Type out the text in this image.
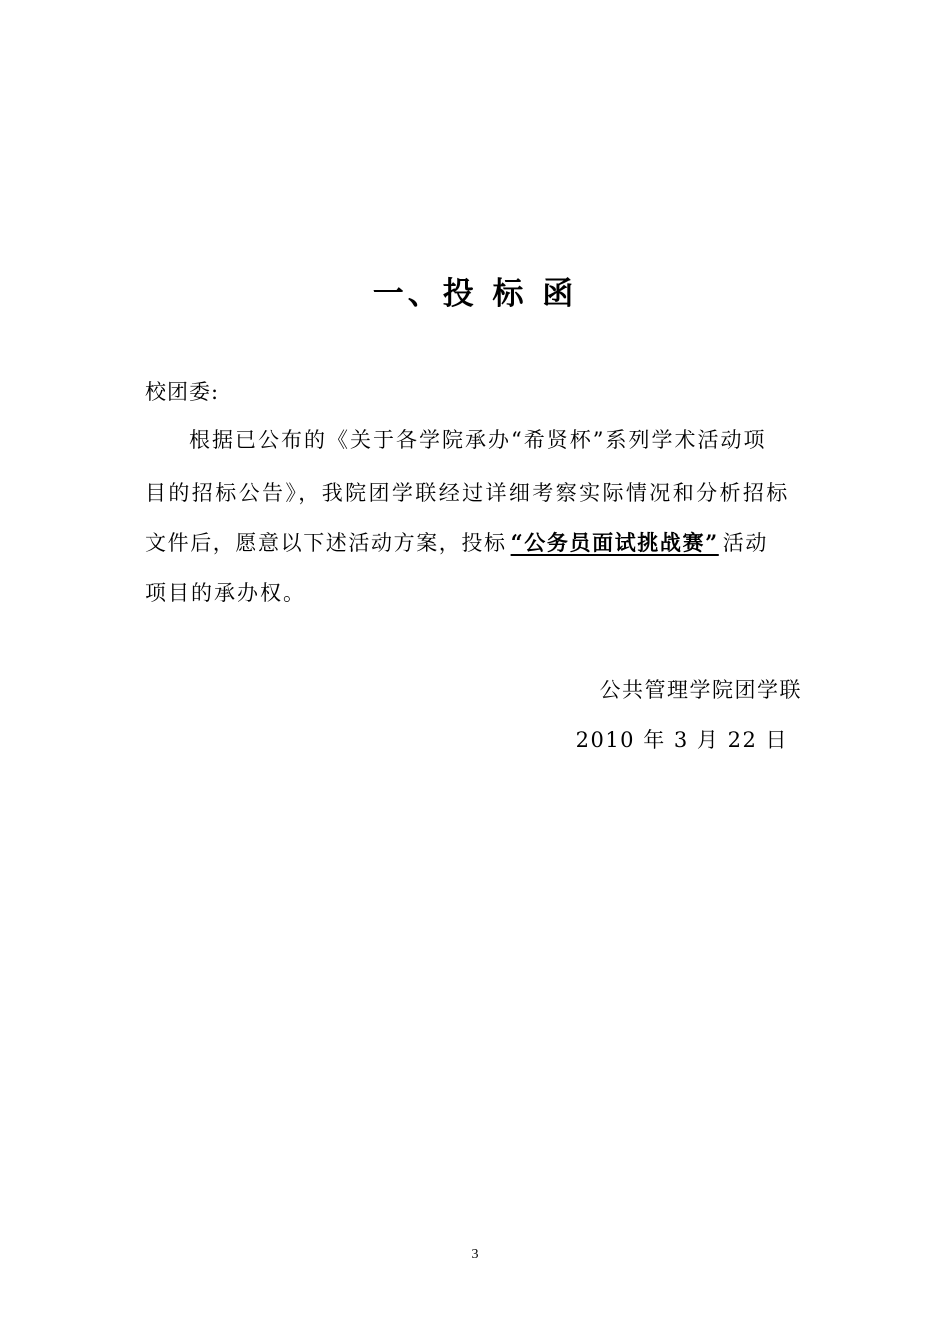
一、投 标 函
校团委:
根据已公布的《关于各学院承办“希贤杯”系列学术活动项
目的招标公告》，我院团学联经过详细考察实际情况和分析招标
文件后，愿意以下述活动方案，投标 “公务员面试挑战赛” 活动
项目的承办权。
公共管理学院团学联
2010 年 3 月 22 日
3
